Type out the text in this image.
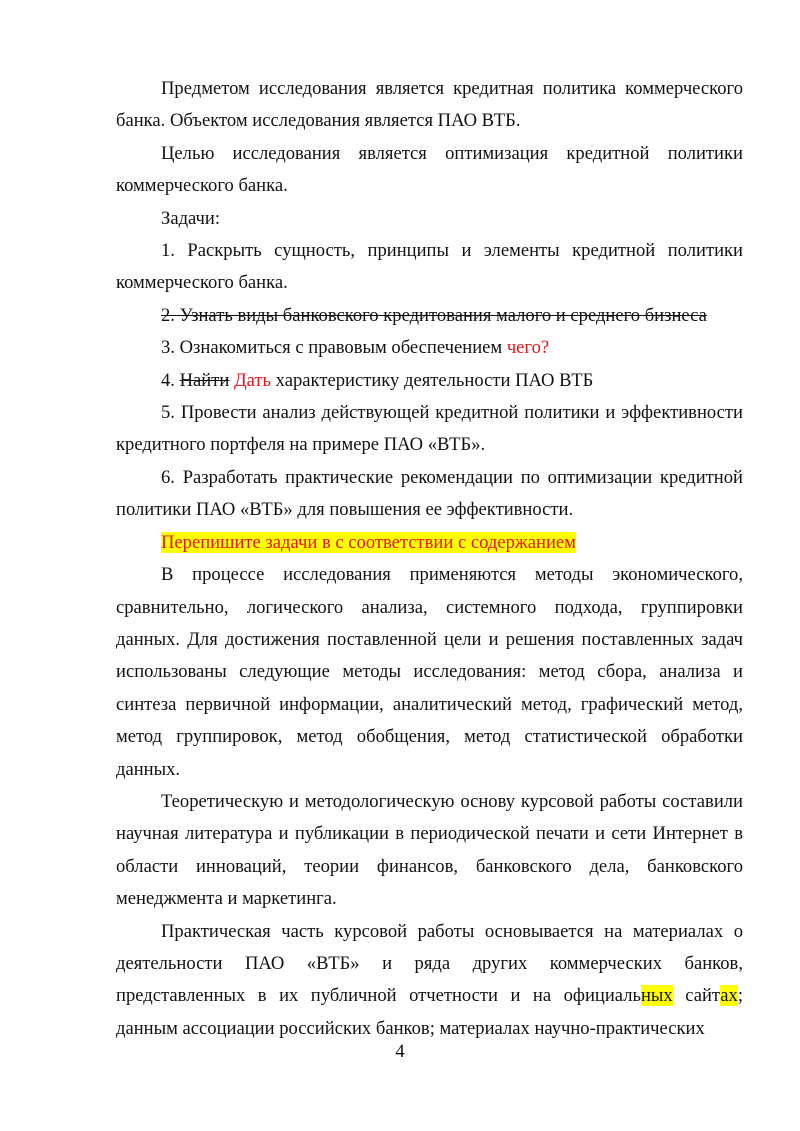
Предметом исследования является кредитная политика коммерческого банка. Объектом исследования является ПАО ВТБ.

Целью исследования является оптимизация кредитной политики коммерческого банка.

Задачи:

1. Раскрыть сущность, принципы и элементы кредитной политики коммерческого банка.

2. Узнать виды банковского кредитования малого и среднего бизнеса

3. Ознакомиться с правовым обеспечением чего?

4. Найти Дать характеристику деятельности ПАО ВТБ

5. Провести анализ действующей кредитной политики и эффективности кредитного портфеля на примере ПАО «ВТБ».

6. Разработать практические рекомендации по оптимизации кредитной политики ПАО «ВТБ» для повышения ее эффективности.

Перепишите задачи в с соответствии с содержанием

В процессе исследования применяются методы экономического, сравнительно, логического анализа, системного подхода, группировки данных. Для достижения поставленной цели и решения поставленных задач использованы следующие методы исследования: метод сбора, анализа и синтеза первичной информации, аналитический метод, графический метод, метод группировок, метод обобщения, метод статистической обработки данных.

Теоретическую и методологическую основу курсовой работы составили научная литература и публикации в периодической печати и сети Интернет в области инноваций, теории финансов, банковского дела, банковского менеджмента и маркетинга.

Практическая часть курсовой работы основывается на материалах о деятельности ПАО «ВТБ» и ряда других коммерческих банков, представленных в их публичной отчетности и на официальных сайтах; данным ассоциации российских банков; материалах научно-практических

4
